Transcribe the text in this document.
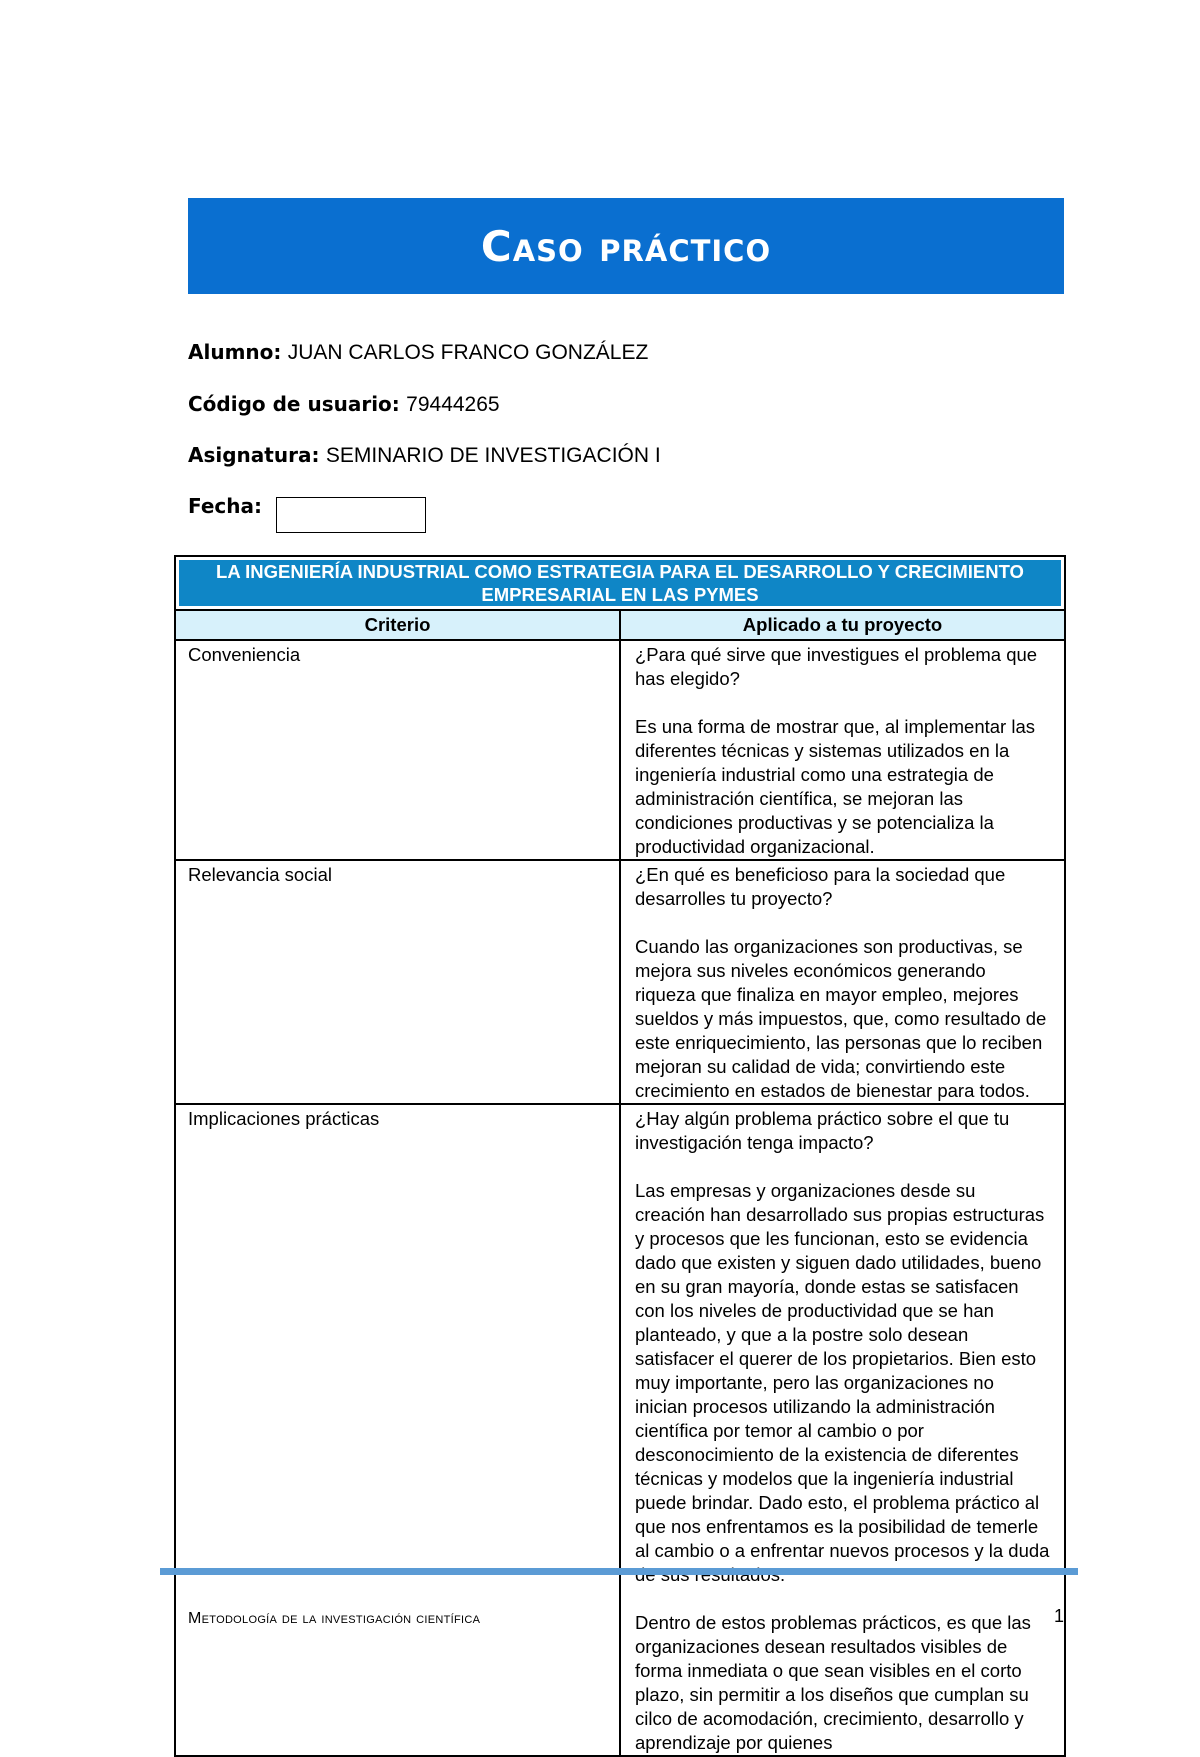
Caso práctico
Alumno: JUAN CARLOS FRANCO GONZÁLEZ
Código de usuario: 79444265
Asignatura: SEMINARIO DE INVESTIGACIÓN I
Fecha:
LA INGENIERÍA INDUSTRIAL COMO ESTRATEGIA PARA EL DESARROLLO Y CRECIMIENTO EMPRESARIAL EN LAS PYMES	
Criterio	Aplicado a tu proyecto
Conveniencia	¿Para qué sirve que investigues el problema que has elegido?

Es una forma de mostrar que, al implementar las diferentes técnicas y sistemas utilizados en la ingeniería industrial como una estrategia de administración científica, se mejoran las condiciones productivas y se potencializa la productividad organizacional.

Relevancia social	¿En qué es beneficioso para la sociedad que desarrolles tu proyecto?

Cuando las organizaciones son productivas, se mejora sus niveles económicos generando riqueza que finaliza en mayor empleo, mejores sueldos y más impuestos, que, como resultado de este enriquecimiento, las personas que lo reciben mejoran su calidad de vida; convirtiendo este crecimiento en estados de bienestar para todos.

Implicaciones prácticas	¿Hay algún problema práctico sobre el que tu investigación tenga impacto?

Las empresas y organizaciones desde su creación han desarrollado sus propias estructuras y procesos que les funcionan, esto se evidencia dado que existen y siguen dado utilidades, bueno en su gran mayoría, donde estas se satisfacen con los niveles de productividad que se han planteado, y que a la postre solo desean satisfacer el querer de los propietarios. Bien esto muy importante, pero las organizaciones no inician procesos utilizando la administración científica por temor al cambio o por desconocimiento de la existencia de diferentes técnicas y modelos que la ingeniería industrial puede brindar. Dado esto, el problema práctico al que nos enfrentamos es la posibilidad de temerle al cambio o a enfrentar nuevos procesos y la duda

Dentro de estos problemas prácticos, es que las organizaciones desean resultados visibles de forma inmediata o que sean visibles en el corto plazo, sin permitir a los diseños que cumplan su cilco de acomodación, crecimiento, desarrollo y aprendizaje por quienes

Metodología de la investigación científica	1
